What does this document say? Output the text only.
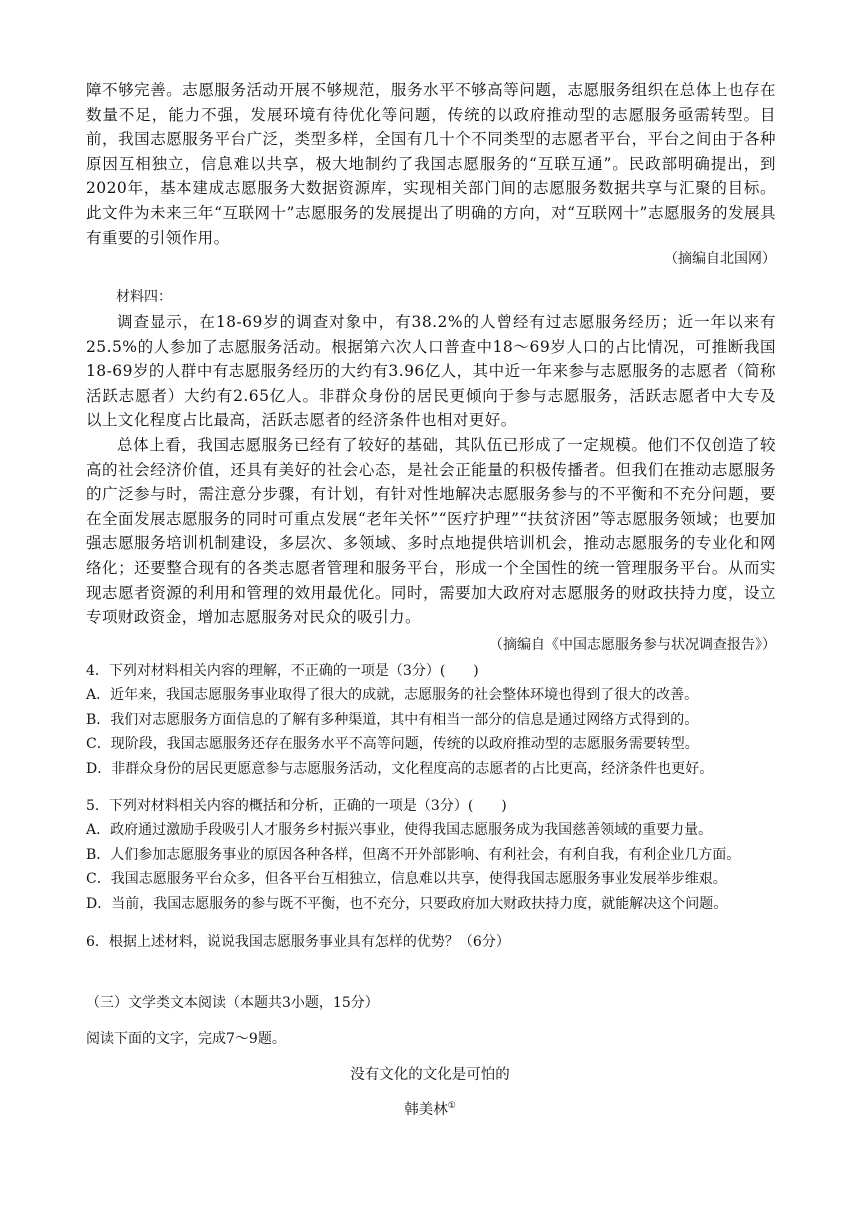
障不够完善。志愿服务活动开展不够规范，服务水平不够高等问题，志愿服务组织在总体上也存在数量不足，能力不强，发展环境有待优化等问题，传统的以政府推动型的志愿服务亟需转型。目前，我国志愿服务平台广泛，类型多样，全国有几十个不同类型的志愿者平台，平台之间由于各种原因互相独立，信息难以共享，极大地制约了我国志愿服务的“互联互通”。民政部明确提出，到2020年，基本建成志愿服务大数据资源库，实现相关部门间的志愿服务数据共享与汇聚的目标。此文件为未来三年“互联网十”志愿服务的发展提出了明确的方向，对“互联网十”志愿服务的发展具有重要的引领作用。

（摘编自北国网）
材料四：

调查显示，在18-69岁的调查对象中，有38.2%的人曾经有过志愿服务经历；近一年以来有25.5%的人参加了志愿服务活动。根据第六次人口普查中18～69岁人口的占比情况，可推断我国18-69岁的人群中有志愿服务经历的大约有3.96亿人，其中近一年来参与志愿服务的志愿者（简称活跃志愿者）大约有2.65亿人。非群众身份的居民更倾向于参与志愿服务，活跃志愿者中大专及以上文化程度占比最高，活跃志愿者的经济条件也相对更好。

总体上看，我国志愿服务已经有了较好的基础，其队伍已形成了一定规模。他们不仅创造了较高的社会经济价值，还具有美好的社会心态，是社会正能量的积极传播者。但我们在推动志愿服务的广泛参与时，需注意分步骤，有计划，有针对性地解决志愿服务参与的不平衡和不充分问题，要在全面发展志愿服务的同时可重点发展“老年关怀”“医疗护理”“扶贫济困”等志愿服务领域；也要加强志愿服务培训机制建设，多层次、多领域、多时点地提供培训机会，推动志愿服务的专业化和网络化；还要整合现有的各类志愿者管理和服务平台，形成一个全国性的统一管理服务平台。从而实现志愿者资源的利用和管理的效用最优化。同时，需要加大政府对志愿服务的财政扶持力度，设立专项财政资金，增加志愿服务对民众的吸引力。

（摘编自《中国志愿服务参与状况调查报告》）
4．下列对材料相关内容的理解，不正确的一项是（3分）(　　)
A．近年来，我国志愿服务事业取得了很大的成就，志愿服务的社会整体环境也得到了很大的改善。
B．我们对志愿服务方面信息的了解有多种渠道，其中有相当一部分的信息是通过网络方式得到的。
C．现阶段，我国志愿服务还存在服务水平不高等问题，传统的以政府推动型的志愿服务需要转型。
D．非群众身份的居民更愿意参与志愿服务活动，文化程度高的志愿者的占比更高，经济条件也更好。
5．下列对材料相关内容的概括和分析，正确的一项是（3分）(　　)
A．政府通过激励手段吸引人才服务乡村振兴事业，使得我国志愿服务成为我国慈善领域的重要力量。
B．人们参加志愿服务事业的原因各种各样，但离不开外部影响、有利社会，有利自我，有利企业几方面。
C．我国志愿服务平台众多，但各平台互相独立，信息难以共享，使得我国志愿服务事业发展举步维艰。
D．当前，我国志愿服务的参与既不平衡，也不充分，只要政府加大财政扶持力度，就能解决这个问题。
6．根据上述材料，说说我国志愿服务事业具有怎样的优势？（6分）
（三）文学类文本阅读（本题共3小题，15分）
阅读下面的文字，完成7～9题。
没有文化的文化是可怕的
韩美林①
